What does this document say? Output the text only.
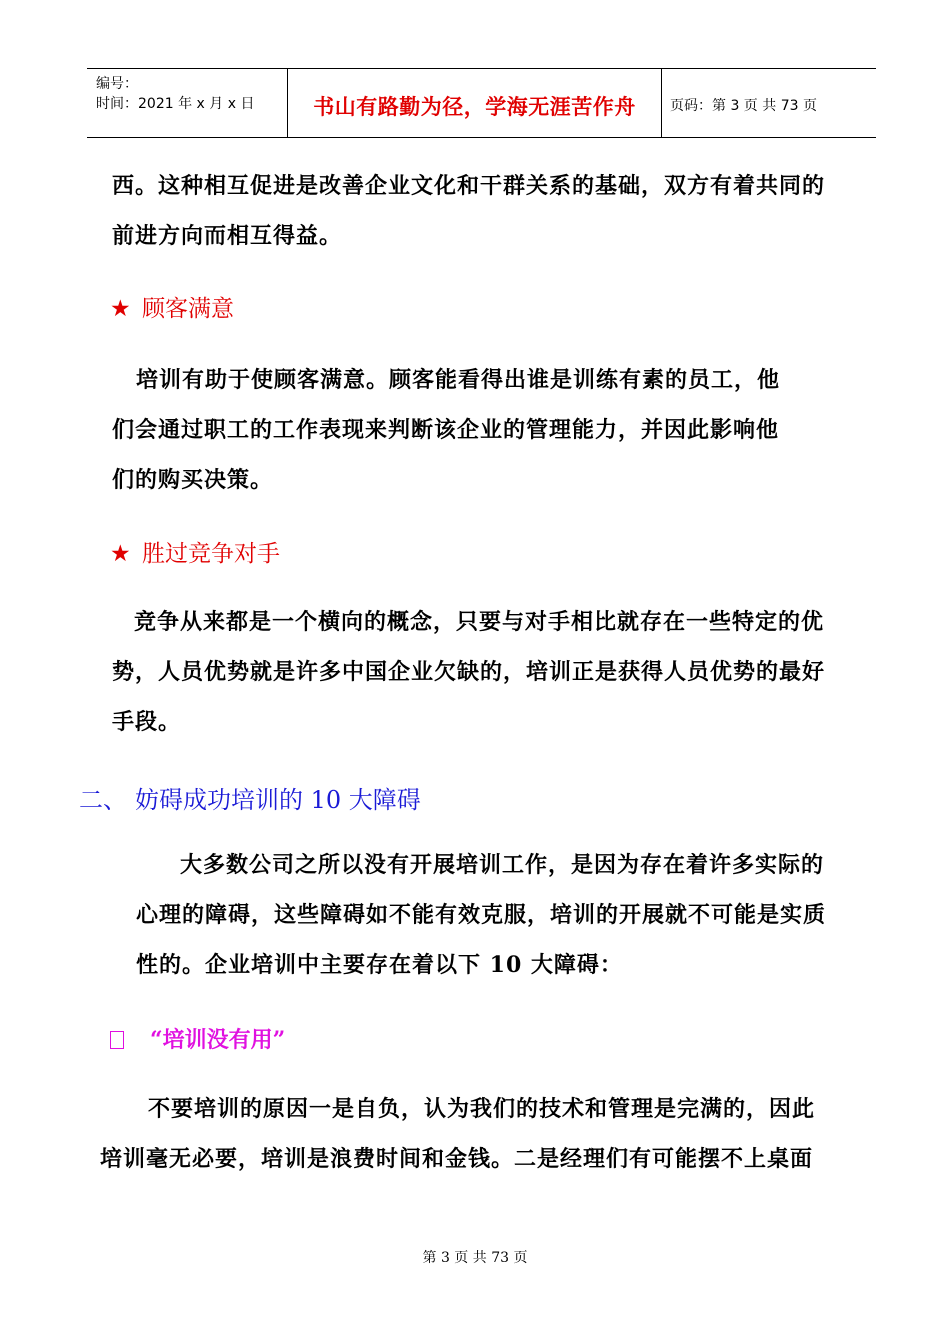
编号：
时间：2021 年 x 月 x 日	书山有路勤为径，学海无涯苦作舟	页码：第 3 页 共 73 页
西。这种相互促进是改善企业文化和干群关系的基础，双方有着共同的
前进方向而相互得益。
★ 顾客满意
培训有助于使顾客满意。顾客能看得出谁是训练有素的员工，他
们会通过职工的工作表现来判断该企业的管理能力，并因此影响他
们的购买决策。
★ 胜过竞争对手
竞争从来都是一个横向的概念，只要与对手相比就存在一些特定的优
势，人员优势就是许多中国企业欠缺的，培训正是获得人员优势的最好
手段。
二、 妨碍成功培训的 10 大障碍
大多数公司之所以没有开展培训工作，是因为存在着许多实际的
心理的障碍，这些障碍如不能有效克服，培训的开展就不可能是实质
性的。企业培训中主要存在着以下 10 大障碍：
“培训没有用”
不要培训的原因一是自负，认为我们的技术和管理是完满的，因此
培训毫无必要，培训是浪费时间和金钱。二是经理们有可能摆不上桌面
第 3 页 共 73 页
